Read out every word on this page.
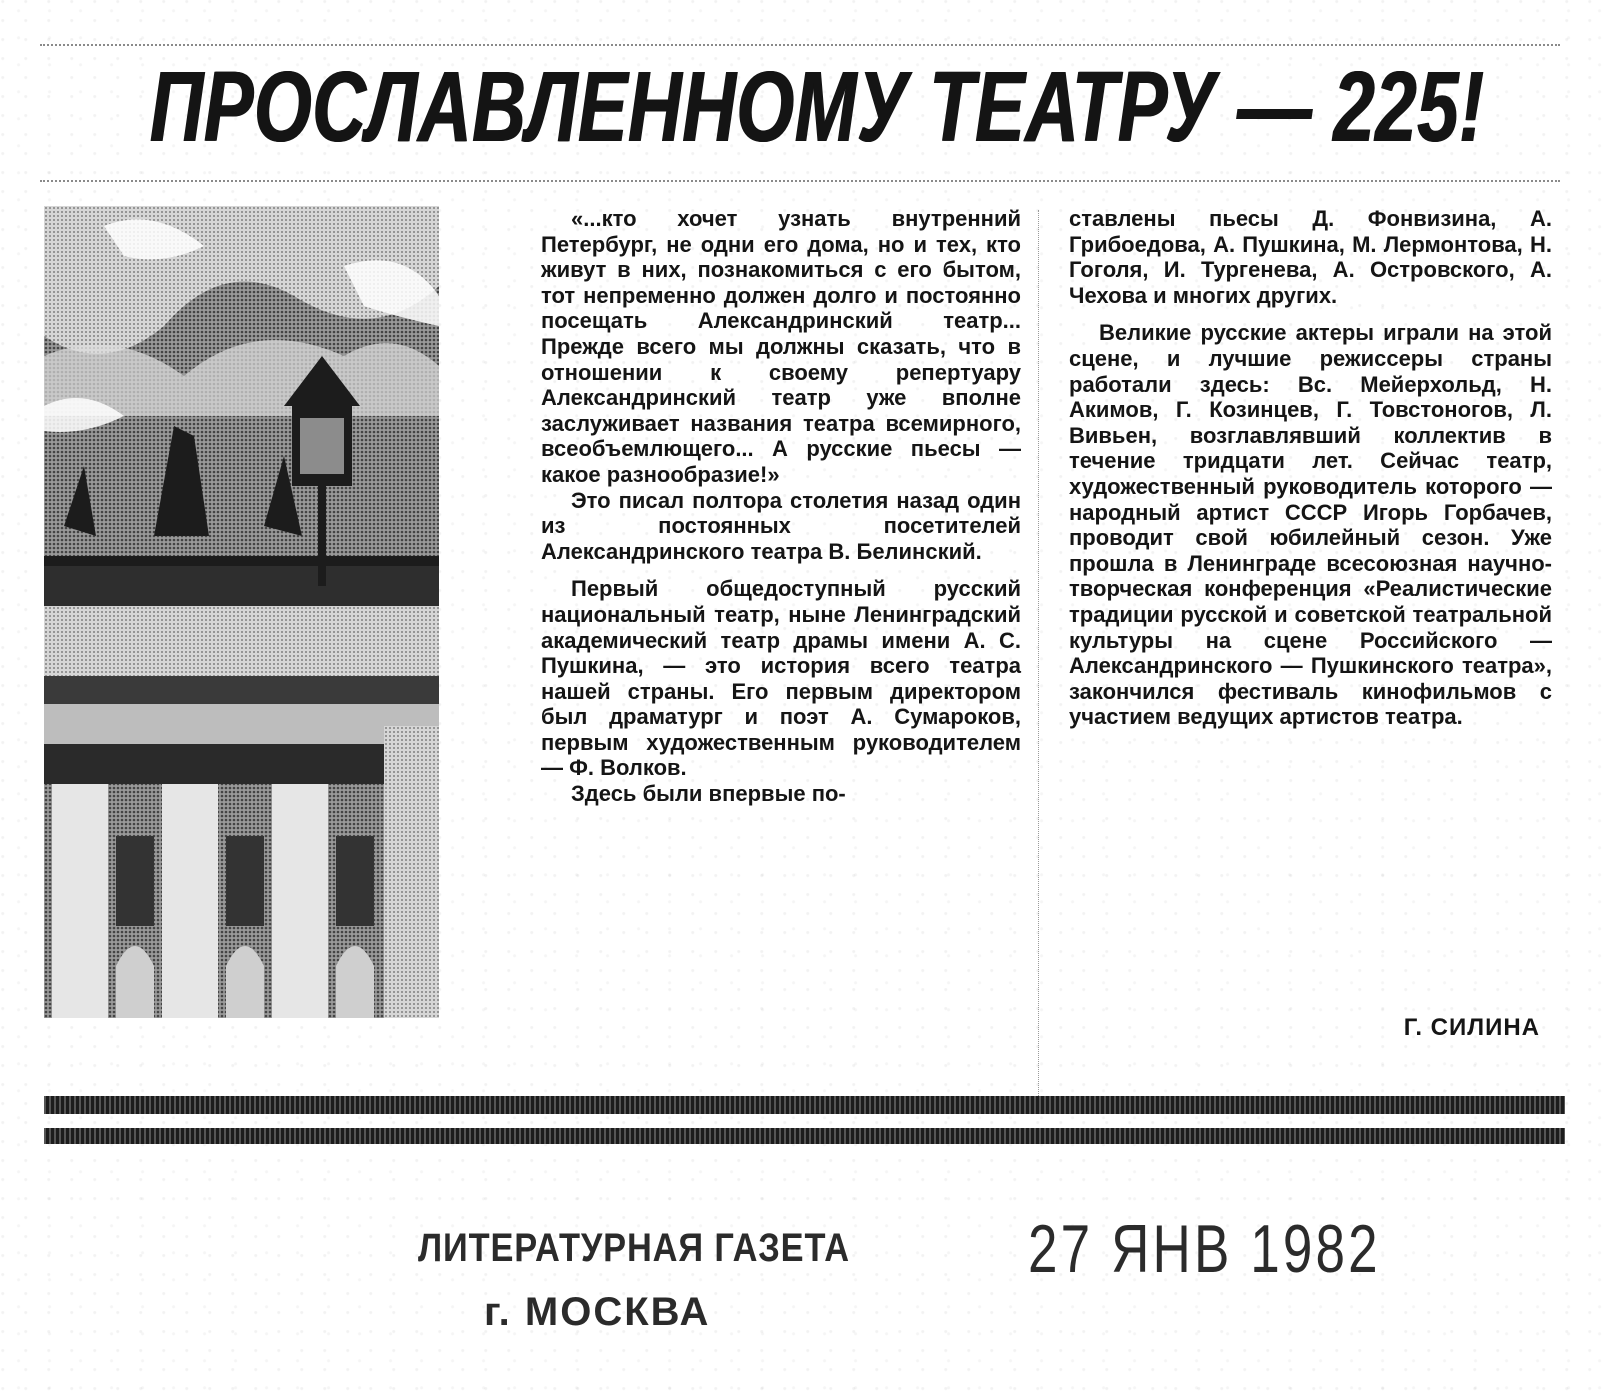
ПРОСЛАВЛЕННОМУ ТЕАТРУ — 225!

«...кто хочет узнать внутренний Петербург, не одни его дома, но и тех, кто живут в них, познакомиться с его бытом, тот непременно должен долго и постоянно посещать Александринский театр... Прежде всего мы должны сказать, что в отношении к своему репертуару Александринский театр уже вполне заслуживает названия театра всемирного, всеобъемлющего... А русские пьесы — какое разнообразие!»

Это писал полтора столетия назад один из постоянных посетителей Александринского театра В. Белинский.

Первый общедоступный русский национальный театр, ныне Ленинградский академический театр драмы имени А. С. Пушкина, — это история всего театра нашей страны. Его первым директором был драматург и поэт А. Сумароков, первым художественным руководителем — Ф. Волков.

Здесь были впервые по-

ставлены пьесы Д. Фонвизина, А. Грибоедова, А. Пушкина, М. Лермонтова, Н. Гоголя, И. Тургенева, А. Островского, А. Чехова и многих других.

Великие русские актеры играли на этой сцене, и лучшие режиссеры страны работали здесь: Вс. Мейерхольд, Н. Акимов, Г. Козинцев, Г. Товстоногов, Л. Вивьен, возглавлявший коллектив в течение тридцати лет. Сейчас театр, художественный руководитель которого — народный артист СССР Игорь Горбачев, проводит свой юбилейный сезон. Уже прошла в Ленинграде всесоюзная научно-творческая конференция «Реалистические традиции русской и советской театральной культуры на сцене Российского — Александринского — Пушкинского театра», закончился фестиваль кинофильмов с участием ведущих артистов театра.

Г. СИЛИНА
ЛИТЕРАТУРНАЯ ГАЗЕТА
г. МОСКВА
27 ЯНВ 1982
